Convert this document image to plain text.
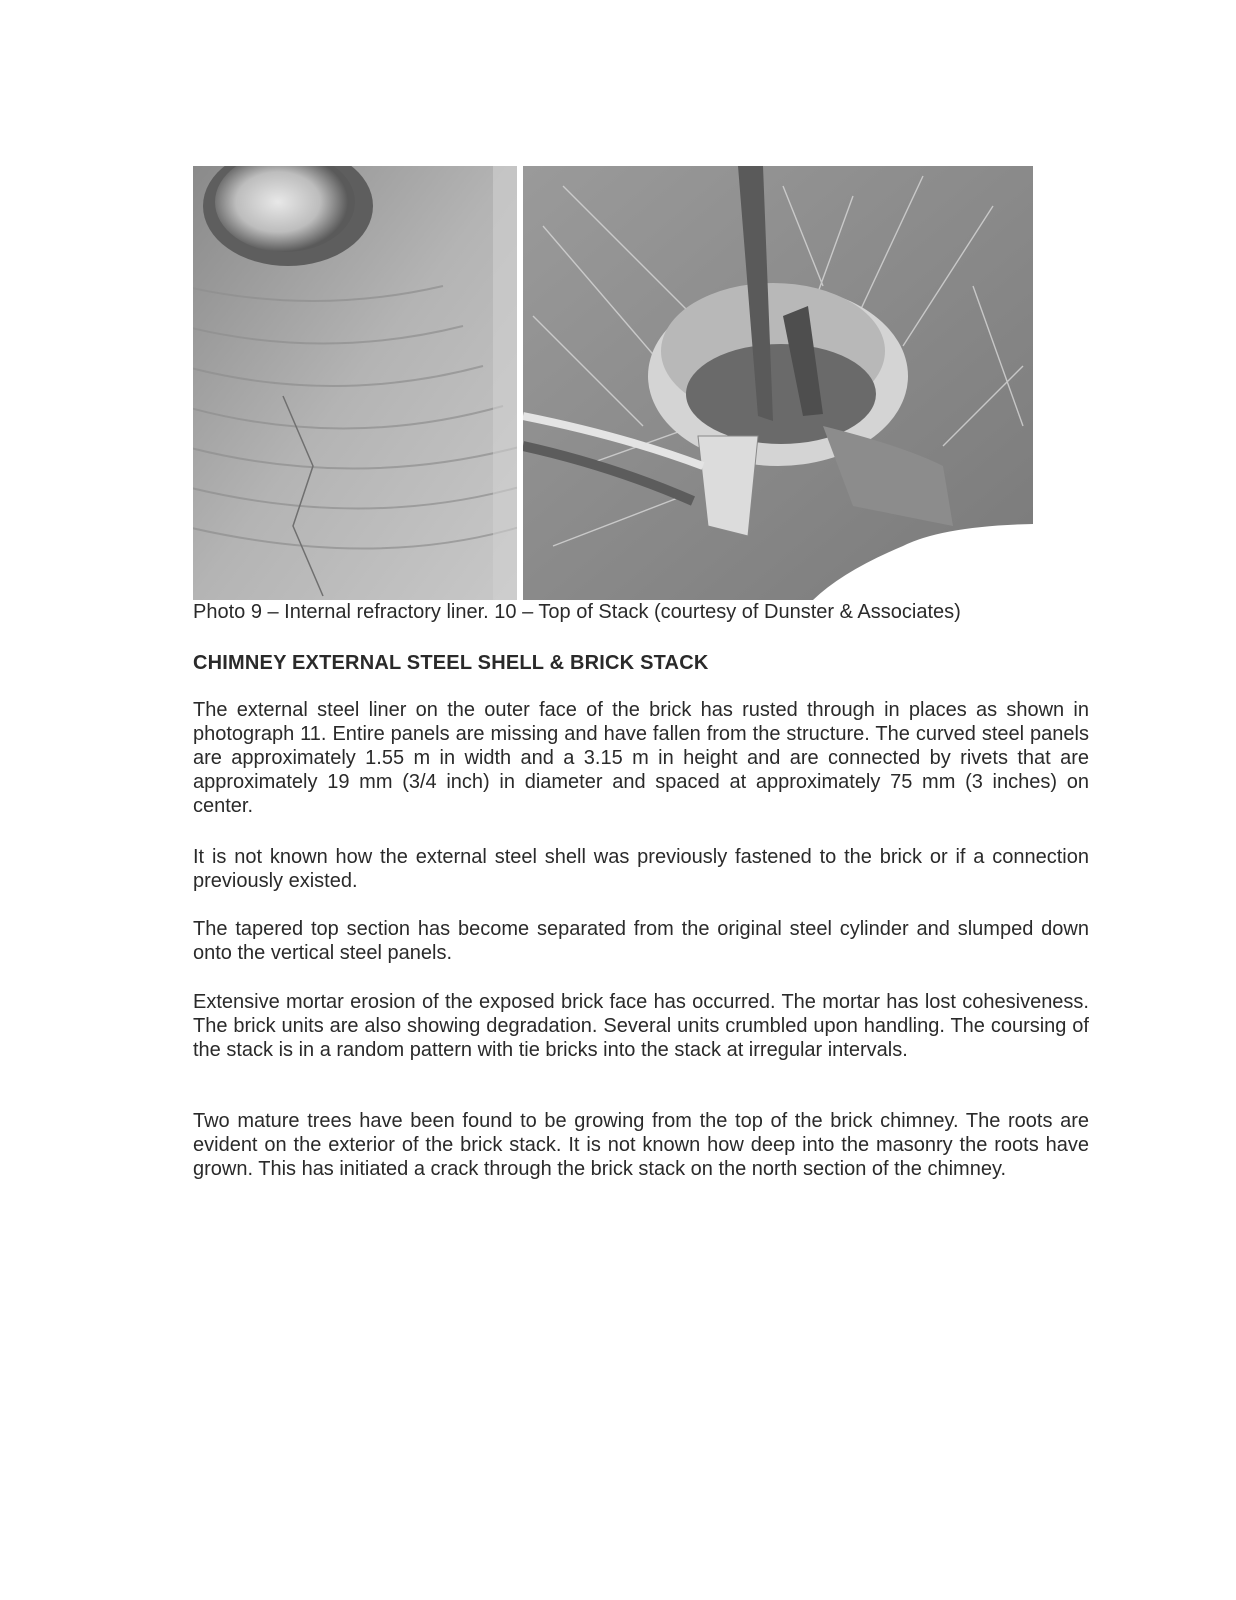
Photo 9 – Internal refractory liner. 10 – Top of Stack (courtesy of Dunster & Associates)
CHIMNEY EXTERNAL STEEL SHELL & BRICK STACK
The external steel liner on the outer face of the brick has rusted through in places as shown in photograph 11. Entire panels are missing and have fallen from the structure. The curved steel panels are approximately 1.55 m in width and a 3.15 m in height and are connected by rivets that are approximately 19 mm (3/4 inch) in diameter and spaced at approximately 75 mm (3 inches) on center.
It is not known how the external steel shell was previously fastened to the brick or if a connection previously existed.
The tapered top section has become separated from the original steel cylinder and slumped down onto the vertical steel panels.
Extensive mortar erosion of the exposed brick face has occurred. The mortar has lost cohesiveness. The brick units are also showing degradation. Several units crumbled upon handling. The coursing of the stack is in a random pattern with tie bricks into the stack at irregular intervals.
Two mature trees have been found to be growing from the top of the brick chimney. The roots are evident on the exterior of the brick stack. It is not known how deep into the masonry the roots have grown. This has initiated a crack through the brick stack on the north section of the chimney.
